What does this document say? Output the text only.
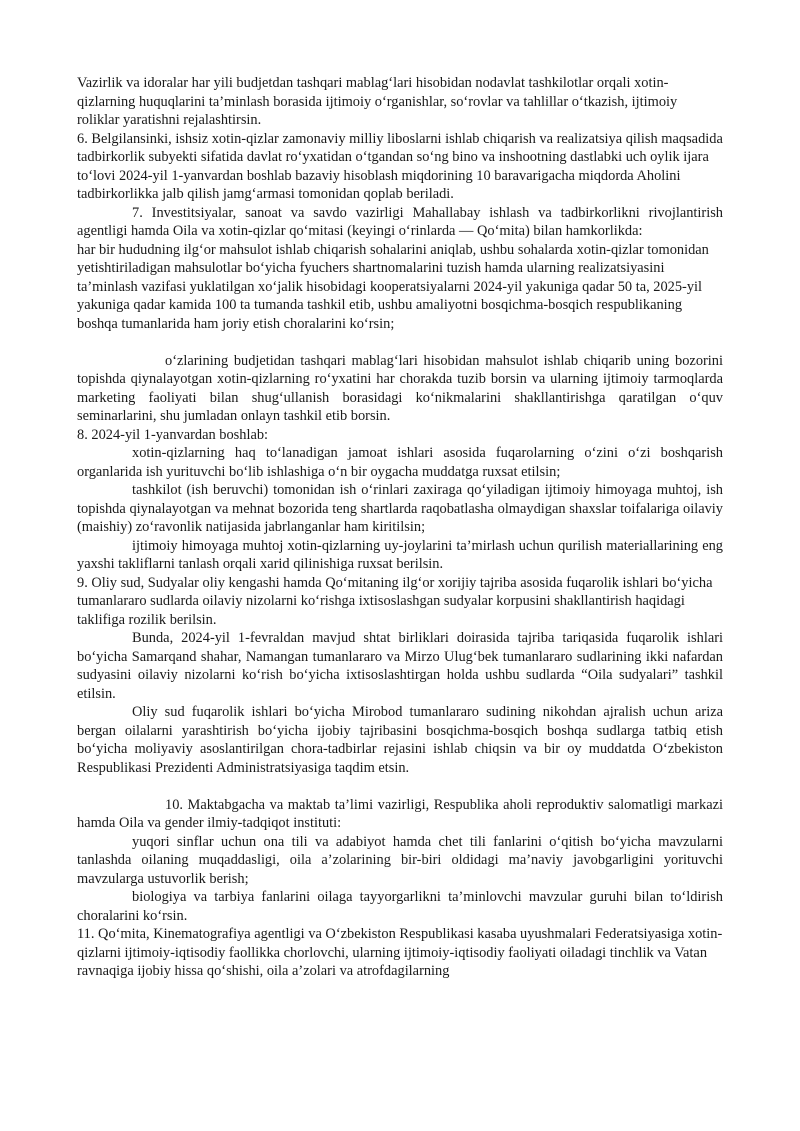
Vazirlik va idoralar har yili budjetdan tashqari mablag‘lari hisobidan nodavlat tashkilotlar orqali xotin-qizlarning huquqlarini ta’minlash borasida ijtimoiy o‘rganishlar, so‘rovlar va tahlillar o‘tkazish, ijtimoiy roliklar yaratishni rejalashtirsin.

6. Belgilansinki, ishsiz xotin-qizlar zamonaviy milliy liboslarni ishlab chiqarish va realizatsiya qilish maqsadida tadbirkorlik subyekti sifatida davlat ro‘yxatidan o‘tgandan so‘ng bino va inshootning dastlabki uch oylik ijara to‘lovi 2024-yil 1-yanvardan boshlab bazaviy hisoblash miqdorining 10 baravarigacha miqdorda Aholini tadbirkorlikka jalb qilish jamg‘armasi tomonidan qoplab beriladi.

7. Investitsiyalar, sanoat va savdo vazirligi Mahallabay ishlash va tadbirkorlikni rivojlantirish agentligi hamda Oila va xotin-qizlar qo‘mitasi (keyingi o‘rinlarda — Qo‘mita) bilan hamkorlikda:

har bir hududning ilg‘or mahsulot ishlab chiqarish sohalarini aniqlab, ushbu sohalarda xotin-qizlar tomonidan yetishtiriladigan mahsulotlar bo‘yicha fyuchers shartnomalarini tuzish hamda ularning realizatsiyasini ta’minlash vazifasi yuklatilgan xo‘jalik hisobidagi kooperatsiyalarni 2024-yil yakuniga qadar 50 ta, 2025-yil yakuniga qadar kamida 100 ta tumanda tashkil etib, ushbu amaliyotni bosqichma-bosqich respublikaning boshqa tumanlarida ham joriy etish choralarini ko‘rsin;

o‘zlarining budjetidan tashqari mablag‘lari hisobidan mahsulot ishlab chiqarib uning bozorini topishda qiynalayotgan xotin-qizlarning ro‘yxatini har chorakda tuzib borsin va ularning ijtimoiy tarmoqlarda marketing faoliyati bilan shug‘ullanish borasidagi ko‘nikmalarini shakllantirishga qaratilgan o‘quv seminarlarini, shu jumladan onlayn tashkil etib borsin.

8. 2024-yil 1-yanvardan boshlab:

xotin-qizlarning haq to‘lanadigan jamoat ishlari asosida fuqarolarning o‘zini o‘zi boshqarish organlarida ish yurituvchi bo‘lib ishlashiga o‘n bir oygacha muddatga ruxsat etilsin;

tashkilot (ish beruvchi) tomonidan ish o‘rinlari zaxiraga qo‘yiladigan ijtimoiy himoyaga muhtoj, ish topishda qiynalayotgan va mehnat bozorida teng shartlarda raqobatlasha olmaydigan shaxslar toifalariga oilaviy (maishiy) zo‘ravonlik natijasida jabrlanganlar ham kiritilsin;

ijtimoiy himoyaga muhtoj xotin-qizlarning uy-joylarini ta’mirlash uchun qurilish materiallarining eng yaxshi takliflarni tanlash orqali xarid qilinishiga ruxsat berilsin.

9. Oliy sud, Sudyalar oliy kengashi hamda Qo‘mitaning ilg‘or xorijiy tajriba asosida fuqarolik ishlari bo‘yicha tumanlararo sudlarda oilaviy nizolarni ko‘rishga ixtisoslashgan sudyalar korpusini shakllantirish haqidagi taklifiga rozilik berilsin.

Bunda, 2024-yil 1-fevraldan mavjud shtat birliklari doirasida tajriba tariqasida fuqarolik ishlari bo‘yicha Samarqand shahar, Namangan tumanlararo va Mirzo Ulug‘bek tumanlararo sudlarining ikki nafardan sudyasini oilaviy nizolarni ko‘rish bo‘yicha ixtisoslashtirgan holda ushbu sudlarda “Oila sudyalari” tashkil etilsin.

Oliy sud fuqarolik ishlari bo‘yicha Mirobod tumanlararo sudining nikohdan ajralish uchun ariza bergan oilalarni yarashtirish bo‘yicha ijobiy tajribasini bosqichma-bosqich boshqa sudlarga tatbiq etish bo‘yicha moliyaviy asoslantirilgan chora-tadbirlar rejasini ishlab chiqsin va bir oy muddatda O‘zbekiston Respublikasi Prezidenti Administratsiyasiga taqdim etsin.

10. Maktabgacha va maktab ta’limi vazirligi, Respublika aholi reproduktiv salomatligi markazi hamda Oila va gender ilmiy-tadqiqot instituti:

yuqori sinflar uchun ona tili va adabiyot hamda chet tili fanlarini o‘qitish bo‘yicha mavzularni tanlashda oilaning muqaddasligi, oila a’zolarining bir-biri oldidagi ma’naviy javobgarligini yorituvchi mavzularga ustuvorlik berish;

biologiya va tarbiya fanlarini oilaga tayyorgarlikni ta’minlovchi mavzular guruhi bilan to‘ldirish choralarini ko‘rsin.

11. Qo‘mita, Kinematografiya agentligi va O‘zbekiston Respublikasi kasaba uyushmalari Federatsiyasiga xotin-qizlarni ijtimoiy-iqtisodiy faollikka chorlovchi, ularning ijtimoiy-iqtisodiy faoliyati oiladagi tinchlik va Vatan ravnaqiga ijobiy hissa qo‘shishi, oila a’zolari va atrofdagilarning
